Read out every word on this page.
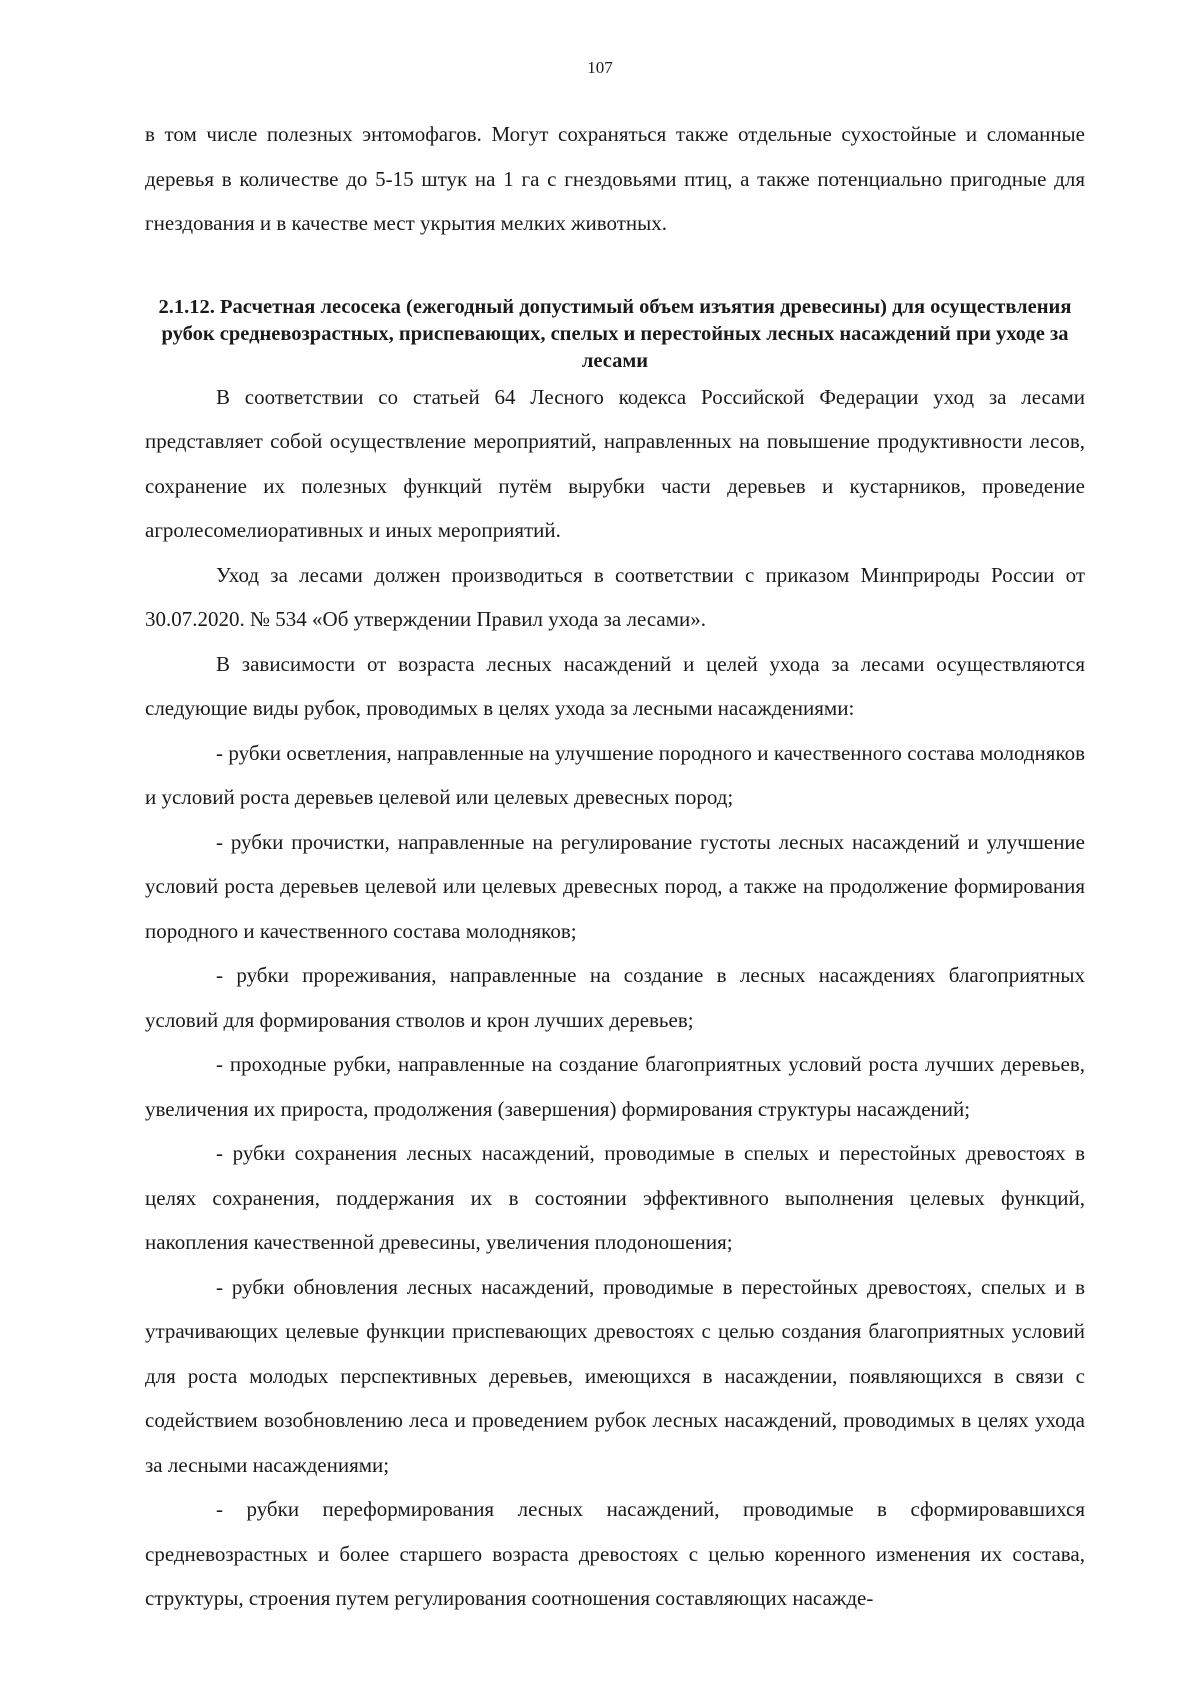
107

в том числе полезных энтомофагов. Могут сохраняться также отдельные сухостойные и сломанные деревья в количестве до 5-15 штук на 1 га с гнездовьями птиц, а также потенциально пригодные для гнездования и в качестве мест укрытия мелких животных.

2.1.12. Расчетная лесосека (ежегодный допустимый объем изъятия древесины) для осуществления рубок средневозрастных, приспевающих, спелых и перестойных лесных насаждений при уходе за лесами

В соответствии со статьей 64 Лесного кодекса Российской Федерации уход за лесами представляет собой осуществление мероприятий, направленных на повышение продуктивности лесов, сохранение их полезных функций путём вырубки части деревьев и кустарников, проведение агролесомелиоративных и иных мероприятий.

Уход за лесами должен производиться в соответствии с приказом Минприроды России от 30.07.2020. № 534 «Об утверждении Правил ухода за лесами».

В зависимости от возраста лесных насаждений и целей ухода за лесами осуществляются следующие виды рубок, проводимых в целях ухода за лесными насаждениями:

- рубки осветления, направленные на улучшение породного и качественного состава молодняков и условий роста деревьев целевой или целевых древесных пород;

- рубки прочистки, направленные на регулирование густоты лесных насаждений и улучшение условий роста деревьев целевой или целевых древесных пород, а также на продолжение формирования породного и качественного состава молодняков;

- рубки прореживания, направленные на создание в лесных насаждениях благоприятных условий для формирования стволов и крон лучших деревьев;

- проходные рубки, направленные на создание благоприятных условий роста лучших деревьев, увеличения их прироста, продолжения (завершения) формирования структуры насаждений;

- рубки сохранения лесных насаждений, проводимые в спелых и перестойных древостоях в целях сохранения, поддержания их в состоянии эффективного выполнения целевых функций, накопления качественной древесины, увеличения плодоношения;

- рубки обновления лесных насаждений, проводимые в перестойных древостоях, спелых и в утрачивающих целевые функции приспевающих древостоях с целью создания благоприятных условий для роста молодых перспективных деревьев, имеющихся в насаждении, появляющихся в связи с содействием возобновлению леса и проведением рубок лесных насаждений, проводимых в целях ухода за лесными насаждениями;

- рубки переформирования лесных насаждений, проводимые в сформировавшихся средневозрастных и более старшего возраста древостоях с целью коренного изменения их состава, структуры, строения путем регулирования соотношения составляющих насажде-
